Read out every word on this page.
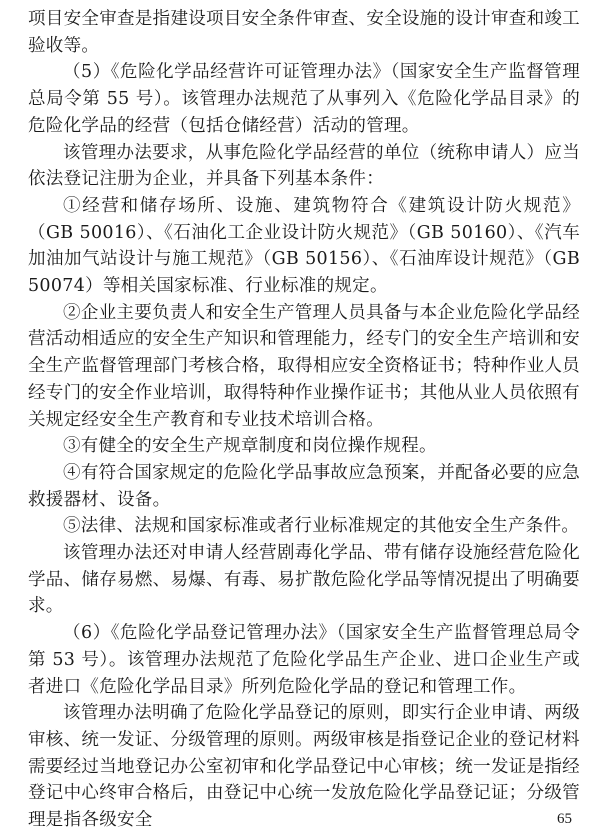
项目安全审查是指建设项目安全条件审查、安全设施的设计审查和竣工验收等。

（5）《危险化学品经营许可证管理办法》（国家安全生产监督管理总局令第 55 号）。该管理办法规范了从事列入《危险化学品目录》的危险化学品的经营（包括仓储经营）活动的管理。

该管理办法要求，从事危险化学品经营的单位（统称申请人）应当依法登记注册为企业，并具备下列基本条件：

①经营和储存场所、设施、建筑物符合《建筑设计防火规范》（GB 50016）、《石油化工企业设计防火规范》（GB 50160）、《汽车加油加气站设计与施工规范》（GB 50156）、《石油库设计规范》（GB 50074）等相关国家标准、行业标准的规定。

②企业主要负责人和安全生产管理人员具备与本企业危险化学品经营活动相适应的安全生产知识和管理能力，经专门的安全生产培训和安全生产监督管理部门考核合格，取得相应安全资格证书；特种作业人员经专门的安全作业培训，取得特种作业操作证书；其他从业人员依照有关规定经安全生产教育和专业技术培训合格。

③有健全的安全生产规章制度和岗位操作规程。

④有符合国家规定的危险化学品事故应急预案，并配备必要的应急救援器材、设备。

⑤法律、法规和国家标准或者行业标准规定的其他安全生产条件。

该管理办法还对申请人经营剧毒化学品、带有储存设施经营危险化学品、储存易燃、易爆、有毒、易扩散危险化学品等情况提出了明确要求。

（6）《危险化学品登记管理办法》（国家安全生产监督管理总局令第 53 号）。该管理办法规范了危险化学品生产企业、进口企业生产或者进口《危险化学品目录》所列危险化学品的登记和管理工作。

该管理办法明确了危险化学品登记的原则，即实行企业申请、两级审核、统一发证、分级管理的原则。两级审核是指登记企业的登记材料需要经过当地登记办公室初审和化学品登记中心审核；统一发证是指经登记中心终审合格后，由登记中心统一发放危险化学品登记证；分级管理是指各级安全	65
